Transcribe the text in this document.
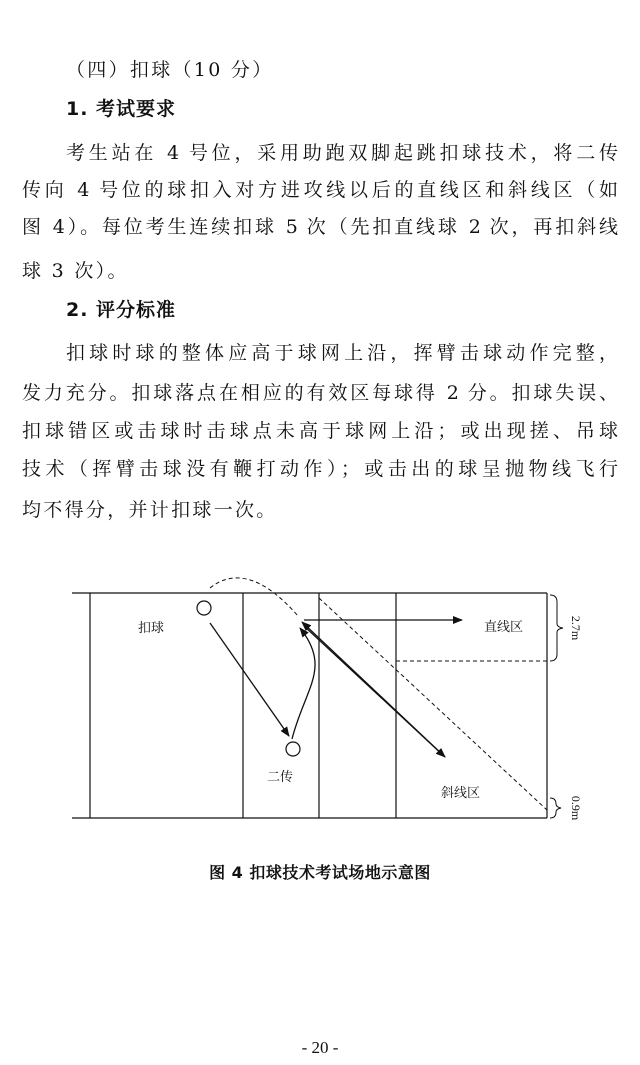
（四）扣球（10 分）
1. 考试要求
考生站在 4 号位，采用助跑双脚起跳扣球技术，将二传
传向 4 号位的球扣入对方进攻线以后的直线区和斜线区（如
图 4）。每位考生连续扣球 5 次（先扣直线球 2 次，再扣斜线
球 3 次）。
2. 评分标准
扣球时球的整体应高于球网上沿，挥臂击球动作完整，
发力充分。扣球落点在相应的有效区每球得 2 分。扣球失误、
扣球错区或击球时击球点未高于球网上沿；或出现搓、吊球
技术（挥臂击球没有鞭打动作）；或击出的球呈抛物线飞行
均不得分，并计扣球一次。
扣球
二传
直线区
斜线区
2.7m
0.9m
图 4 扣球技术考试场地示意图
- 20 -
